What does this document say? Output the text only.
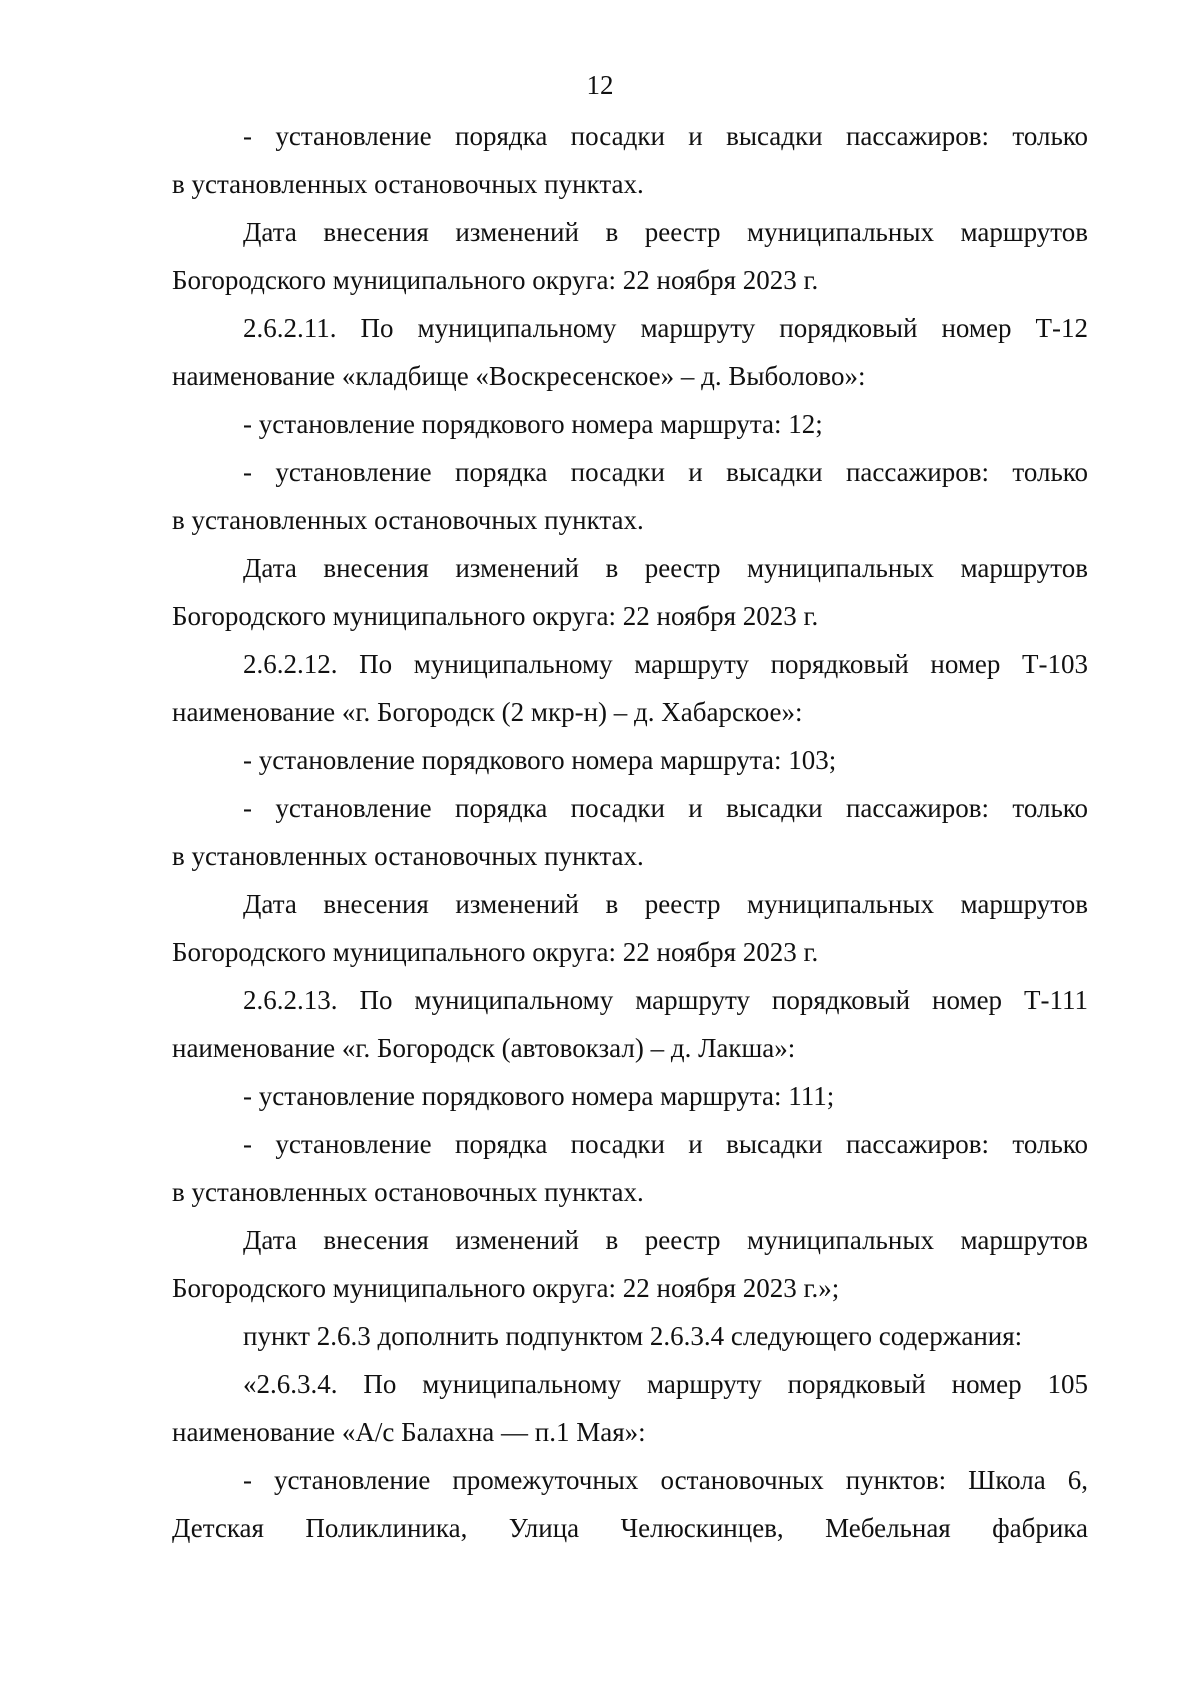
12
- установление порядка посадки и высадки пассажиров: только
в установленных остановочных пунктах.
Дата внесения изменений в реестр муниципальных маршрутов
Богородского муниципального округа: 22 ноября 2023 г.
2.6.2.11. По муниципальному маршруту порядковый номер Т-12
наименование «кладбище «Воскресенское» – д. Выболово»:
- установление порядкового номера маршрута: 12;
- установление порядка посадки и высадки пассажиров: только
в установленных остановочных пунктах.
Дата внесения изменений в реестр муниципальных маршрутов
Богородского муниципального округа: 22 ноября 2023 г.
2.6.2.12. По муниципальному маршруту порядковый номер Т-103
наименование «г. Богородск (2 мкр-н) – д. Хабарское»:
- установление порядкового номера маршрута: 103;
- установление порядка посадки и высадки пассажиров: только
в установленных остановочных пунктах.
Дата внесения изменений в реестр муниципальных маршрутов
Богородского муниципального округа: 22 ноября 2023 г.
2.6.2.13. По муниципальному маршруту порядковый номер Т-111
наименование «г. Богородск (автовокзал) – д. Лакша»:
- установление порядкового номера маршрута: 111;
- установление порядка посадки и высадки пассажиров: только
в установленных остановочных пунктах.
Дата внесения изменений в реестр муниципальных маршрутов
Богородского муниципального округа: 22 ноября 2023 г.»;
пункт 2.6.3 дополнить подпунктом 2.6.3.4 следующего содержания:
«2.6.3.4. По муниципальному маршруту порядковый номер 105
наименование «А/с Балахна — п.1 Мая»:
- установление промежуточных остановочных пунктов: Школа 6,
Детская Поликлиника, Улица Челюскинцев, Мебельная фабрика
